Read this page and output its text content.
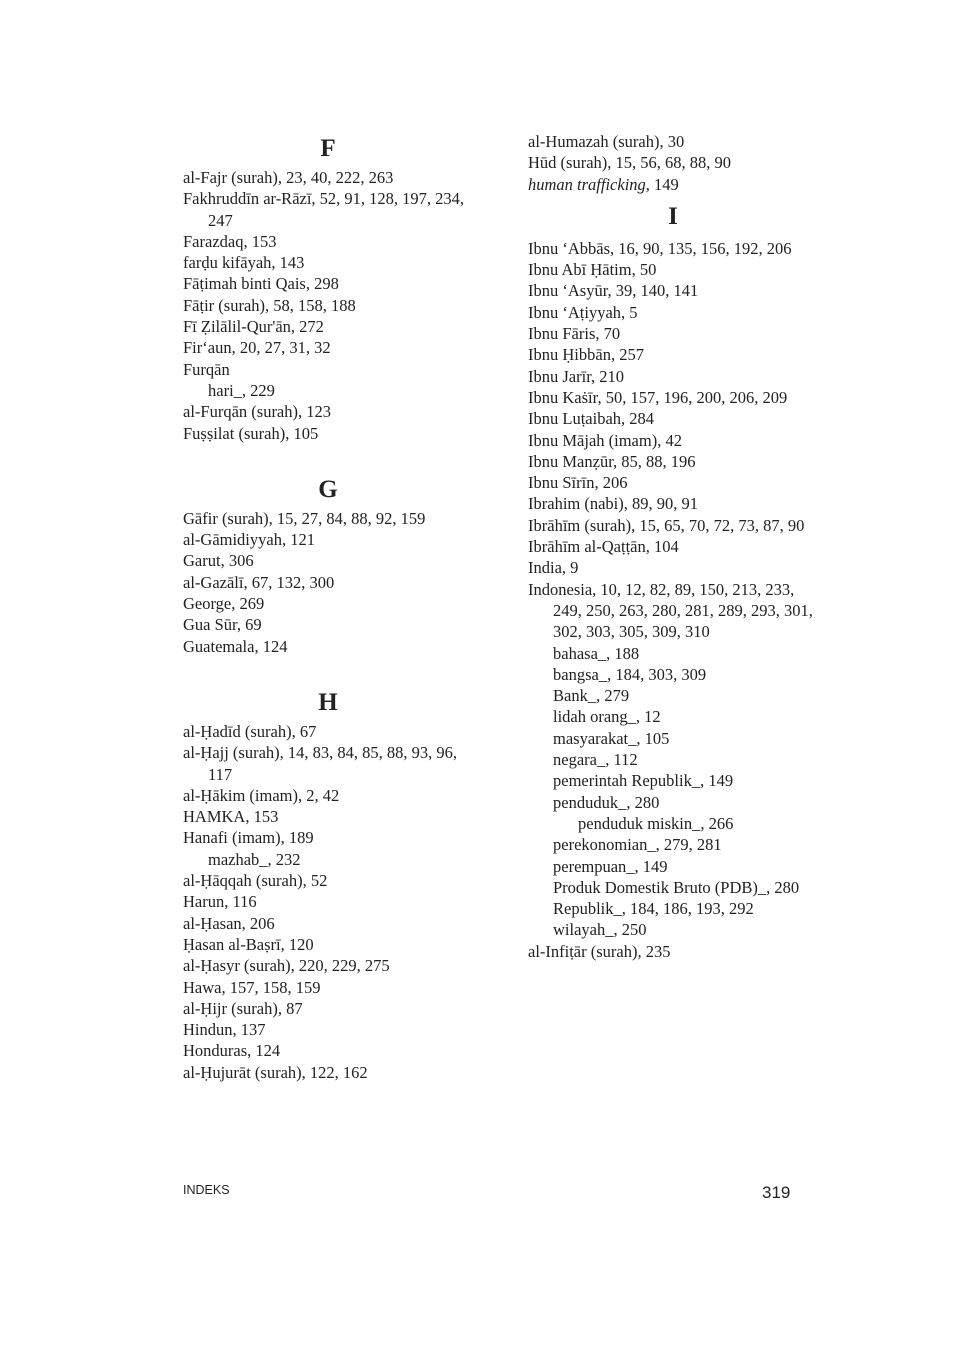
F
al-Fajr (surah), 23, 40, 222, 263
Fakhruddīn ar-Rāzī, 52, 91, 128, 197, 234, 247
Farazdaq, 153
farḍu kifāyah, 143
Fāṭimah binti Qais, 298
Fāṭir (surah), 58, 158, 188
Fī Ẓilālil-Qur'ān, 272
Fir‘aun, 20, 27, 31, 32
Furqān
hari_, 229
al-Furqān (surah), 123
Fuṣṣilat (surah), 105
G
Gāfir (surah), 15, 27, 84, 88, 92, 159
al-Gāmidiyyah, 121
Garut, 306
al-Gazālī, 67, 132, 300
George, 269
Gua Sūr, 69
Guatemala, 124
H
al-Ḥadīd (surah), 67
al-Ḥajj (surah), 14, 83, 84, 85, 88, 93, 96, 117
al-Ḥākim (imam), 2, 42
HAMKA, 153
Hanafi (imam), 189
mazhab_, 232
al-Ḥāqqah (surah), 52
Harun, 116
al-Ḥasan, 206
Ḥasan al-Baṣrī, 120
al-Ḥasyr (surah), 220, 229, 275
Hawa, 157, 158, 159
al-Ḥijr (surah), 87
Hindun, 137
Honduras, 124
al-Ḥujurāt (surah), 122, 162
al-Humazah (surah), 30
Hūd (surah), 15, 56, 68, 88, 90
human trafficking, 149
I
Ibnu ‘Abbās, 16, 90, 135, 156, 192, 206
Ibnu Abī Ḥātim, 50
Ibnu ‘Asyūr, 39, 140, 141
Ibnu ‘Aṭiyyah, 5
Ibnu Fāris, 70
Ibnu Ḥibbān, 257
Ibnu Jarīr, 210
Ibnu Kaṡīr, 50, 157, 196, 200, 206, 209
Ibnu Luṭaibah, 284
Ibnu Mājah (imam), 42
Ibnu Manẓūr, 85, 88, 196
Ibnu Sīrīn, 206
Ibrahim (nabi), 89, 90, 91
Ibrāhīm (surah), 15, 65, 70, 72, 73, 87, 90
Ibrāhīm al-Qaṭṭān, 104
India, 9
Indonesia, 10, 12, 82, 89, 150, 213, 233, 249, 250, 263, 280, 281, 289, 293, 301, 302, 303, 305, 309, 310
bahasa_, 188
bangsa_, 184, 303, 309
Bank_, 279
lidah orang_, 12
masyarakat_, 105
negara_, 112
pemerintah Republik_, 149
penduduk_, 280
penduduk miskin_, 266
perekonomian_, 279, 281
perempuan_, 149
Produk Domestik Bruto (PDB)_, 280
Republik_, 184, 186, 193, 292
wilayah_, 250
al-Infiṭār (surah), 235
INDEKS	319
